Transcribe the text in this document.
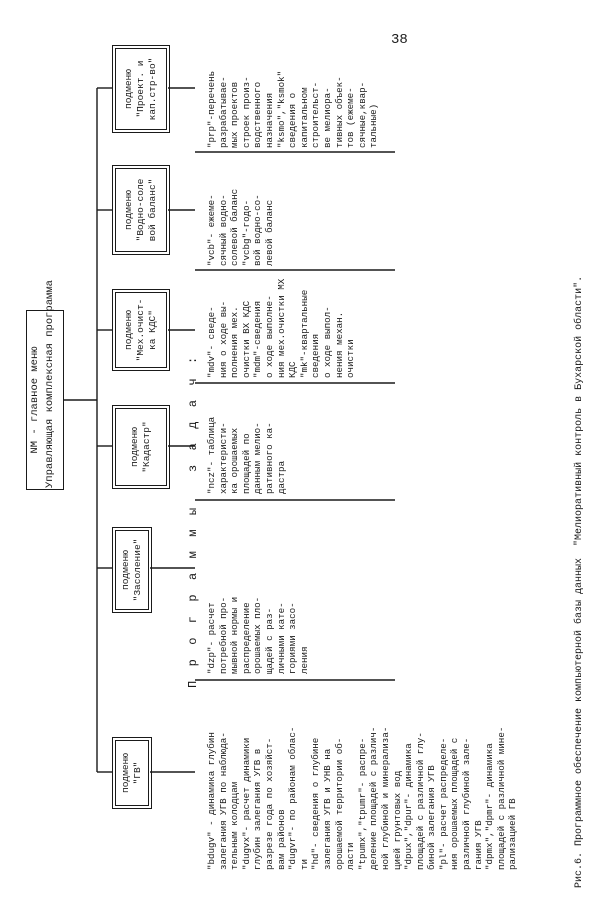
38
NM - главное меню Управляющая комплексная программа
подменю
"ГВ"
подменю
"Засоление"
подменю
"Кадастр"
подменю
"Мех.очист-
ка КДС"
подменю
"Водно-соле
вой баланс"
подменю
"Проект. и
кап.стр-во"
П  р  о  г  р  а  м  м  ы     з  а  д  а  ч  :
"bdugv" - динамика глубин
залегания УГВ по наблюда-
тельным колодцам
"dugvx"- расчет динамики
глубин залегания УГВ в
разрезе года по хозяйст-
вам районов
"dugvr"- по районам облас-
ти
"hd"- сведения о глубине
залегания УГВ и УНВ на
орошаемой территории об-
ласти
"tpumx","tpumr"- распре-
деление площадей с различ-
ной глубиной и минерализа-
цией грунтовых вод
"dpux","dpur"- динамика
площадей с различной глу-
биной залегания УГВ
"pl"- расчет распределе-
ния орошаемых площадей с
различной глубиной зале-
гания УГВ
"dpmx","dpmr"- динамика
площадей с различной мине-
рализацией ГВ
"dzp"- расчет
потребной про-
мывной нормы и
распределение
орошаемых пло-
щадей с раз-
личными кате-
гориями засо-
ления
"ncz"- таблица
характеристи-
ка орошаемых
площадей по
данным мелио-
ративного ка-
дастра
"mdv"- сведе-
ния о ходе вы-
полнения мех.
очистки ВХ КДС
"mdm"-сведения
о ходе выполне-
ния мех.очистки МХ
КДС
"mk"-квартальные
сведения
о ходе выпол-
нения механ.
очистки
"vcb"- ежеме-
сячный водно-
солевой баланс
"vcbg"-годо-
вой водно-со-
левой баланс
"prp"-перечень
разрабатывае-
мых проектов
строек произ-
водственного
назначения
"ksmo","ksmok"
сведения о
капитальном
строительст-
ве мелиора-
тивных объек-
тов (ежеме-
сячные,квар-
тальные)
Рис.6. Программное обеспечение компьютерной базы данных  "Мелиоративный контроль в Бухарской области".
